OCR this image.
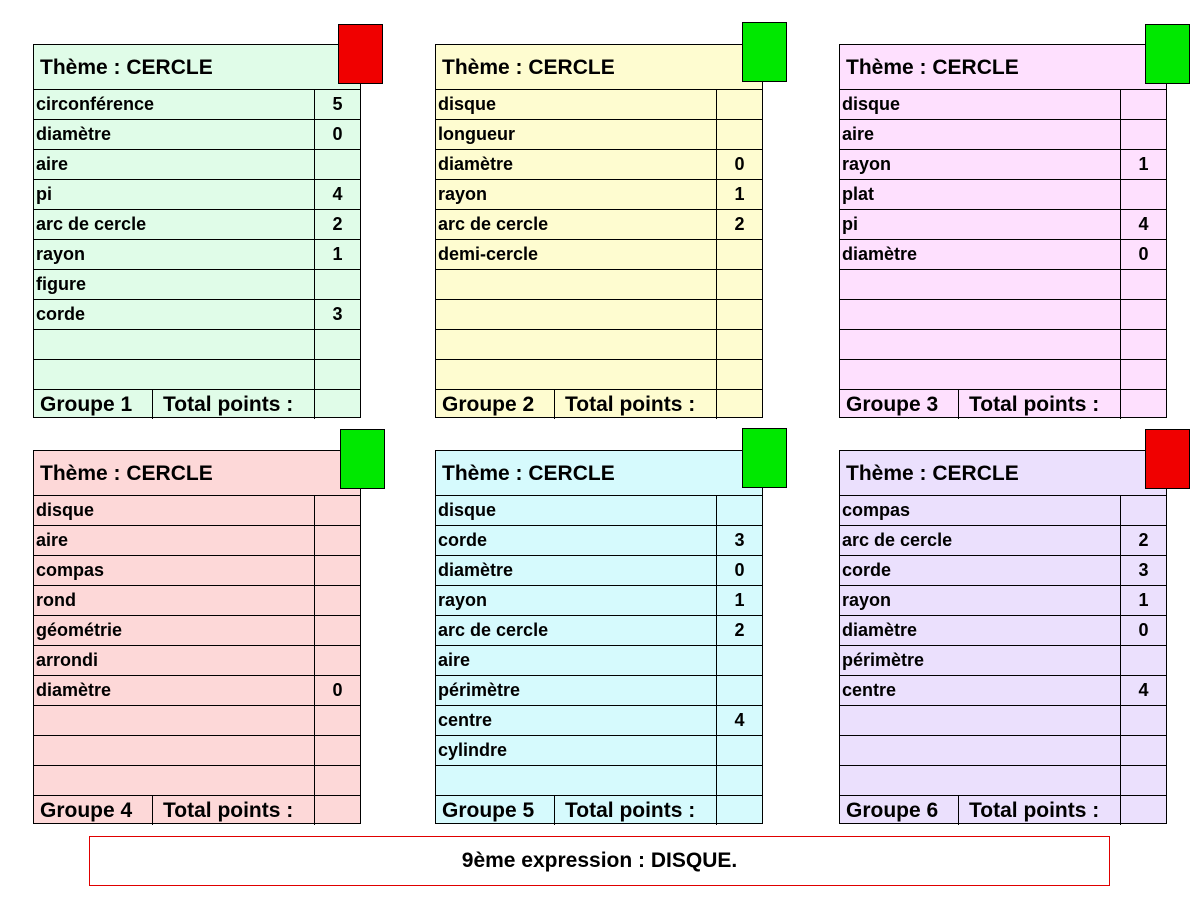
Thème : CERCLE
circonférence	5
diamètre	0
aire
pi	4
arc de cercle	2
rayon	1
figure
corde	3
Groupe 1	Total points :
Thème : CERCLE
disque
longueur
diamètre	0
rayon	1
arc de cercle	2
demi-cercle
Groupe 2	Total points :
Thème : CERCLE
disque
aire
rayon	1
plat
pi	4
diamètre	0
Groupe 3	Total points :
Thème : CERCLE
disque
aire
compas
rond
géométrie
arrondi
diamètre	0
Groupe 4	Total points :
Thème : CERCLE
disque
corde	3
diamètre	0
rayon	1
arc de cercle	2
aire
périmètre
centre	4
cylindre
Groupe 5	Total points :
Thème : CERCLE
compas
arc de cercle	2
corde	3
rayon	1
diamètre	0
périmètre
centre	4
Groupe 6	Total points :
9ème expression : DISQUE.
